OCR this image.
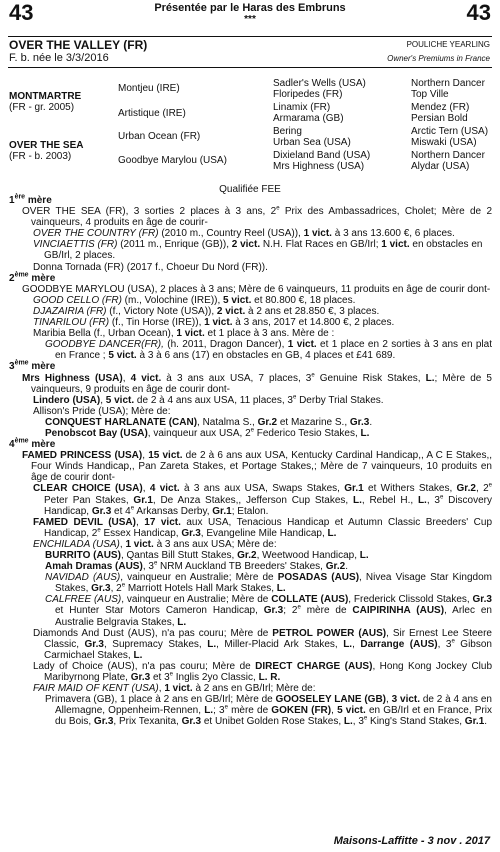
43	43
Présentée par le Haras des Embruns
***
OVER THE VALLEY (FR)
F. b. née le 3/3/2016
POULICHE YEARLING
Owner's Premiums in France
MONTMARTRE
(FR - gr. 2005)
OVER THE SEA
(FR - b. 2003)
Montjeu (IRE)
Artistique (IRE)
Urban Ocean (FR)
Goodbye Marylou (USA)
Sadler's Wells (USA)
Floripedes (FR)
Linamix (FR)
Armarama (GB)
Bering
Urban Sea (USA)
Dixieland Band (USA)
Mrs Highness (USA)
Northern Dancer
Top Ville
Mendez (FR)
Persian Bold
Arctic Tern (USA)
Miswaki (USA)
Northern Dancer
Alydar (USA)
Qualifiée FEE

1ère mère

OVER THE SEA (FR), 3 sorties 2 places à 3 ans, 2e Prix des Ambassadrices, Cholet; Mère de 2 vainqueurs, 4 produits en âge de courir-

OVER THE COUNTRY (FR) (2010 m., Country Reel (USA)), 1 vict. à 3 ans 13.600 €, 6 places.

VINCIAETTIS (FR) (2011 m., Enrique (GB)), 2 vict. N.H. Flat Races en GB/Irl; 1 vict. en obstacles en GB/Irl, 2 places.

Donna Tornada (FR) (2017 f., Choeur Du Nord (FR)).

2ème mère

GOODBYE MARYLOU (USA), 2 places à 3 ans; Mère de 6 vainqueurs, 11 produits en âge de courir dont-

GOOD CELLO (FR) (m., Volochine (IRE)), 5 vict. et 80.800 €, 18 places.

DJAZAIRIA (FR) (f., Victory Note (USA)), 2 vict. à 2 ans et 28.850 €, 3 places.

TINARILOU (FR) (f., Tin Horse (IRE)), 1 vict. à 3 ans, 2017 et 14.800 €, 2 places.

Maribia Bella (f., Urban Ocean), 1 vict. et 1 place à 3 ans. Mère de :

GOODBYE DANCER(FR), (h. 2011, Dragon Dancer), 1 vict. et 1 place en 2 sorties à 3 ans en plat en France ; 5 vict. à 3 à 6 ans (17) en obstacles en GB, 4 places et £41 689.

3ème mère

Mrs Highness (USA), 4 vict. à 3 ans aux USA, 7 places, 3e Genuine Risk Stakes, L.; Mère de 5 vainqueurs, 9 produits en âge de courir dont-

Lindero (USA), 5 vict. de 2 à 4 ans aux USA, 11 places, 3e Derby Trial Stakes.

Allison's Pride (USA); Mère de:

CONQUEST HARLANATE (CAN), Natalma S., Gr.2 et Mazarine S., Gr.3.

Penobscot Bay (USA), vainqueur aux USA, 2e Federico Tesio Stakes, L.

4ème mère

FAMED PRINCESS (USA), 15 vict. de 2 à 6 ans aux USA, Kentucky Cardinal Handicap,, A C E Stakes,, Four Winds Handicap,, Pan Zareta Stakes, et Portage Stakes,; Mère de 7 vainqueurs, 10 produits en âge de courir dont-

CLEAR CHOICE (USA), 4 vict. à 3 ans aux USA, Swaps Stakes, Gr.1 et Withers Stakes, Gr.2, 2e Peter Pan Stakes, Gr.1, De Anza Stakes,, Jefferson Cup Stakes, L., Rebel H., L., 3e Discovery Handicap, Gr.3 et 4e Arkansas Derby, Gr.1; Etalon.

FAMED DEVIL (USA), 17 vict. aux USA, Tenacious Handicap et Autumn Classic Breeders' Cup Handicap, 2e Essex Handicap, Gr.3, Evangeline Mile Handicap, L.

ENCHILADA (USA), 1 vict. à 3 ans aux USA; Mère de:

BURRITO (AUS), Qantas Bill Stutt Stakes, Gr.2, Weetwood Handicap, L.

Amah Dramas (AUS), 3e NRM Auckland TB Breeders' Stakes, Gr.2.

NAVIDAD (AUS), vainqueur en Australie; Mère de POSADAS (AUS), Nivea Visage Star Kingdom Stakes, Gr.3, 2e Marriott Hotels Hall Mark Stakes, L.

CALFREE (AUS), vainqueur en Australie; Mère de COLLATE (AUS), Frederick Clissold Stakes, Gr.3 et Hunter Star Motors Cameron Handicap, Gr.3; 2e mère de CAIPIRINHA (AUS), Arlec en Australie Belgravia Stakes, L.

Diamonds And Dust (AUS), n'a pas couru; Mère de PETROL POWER (AUS), Sir Ernest Lee Steere Classic, Gr.3, Supremacy Stakes, L., Miller-Placid Ark Stakes, L., Darrange (AUS), 3e Gibson Carmichael Stakes, L.

Lady of Choice (AUS), n'a pas couru; Mère de DIRECT CHARGE (AUS), Hong Kong Jockey Club Maribyrnong Plate, Gr.3 et 3e Inglis 2yo Classic, L. R.

FAIR MAID OF KENT (USA), 1 vict. à 2 ans en GB/Irl; Mère de:

Primavera (GB), 1 place à 2 ans en GB/Irl; Mère de GOOSELEY LANE (GB), 3 vict. de 2 à 4 ans en Allemagne, Oppenheim-Rennen, L.; 3e mère de GOKEN (FR), 5 vict. en GB/Irl et en France, Prix du Bois, Gr.3, Prix Texanita, Gr.3 et Unibet Golden Rose Stakes, L., 3e King's Stand Stakes, Gr.1.

Maisons-Laffitte - 3 nov . 2017
